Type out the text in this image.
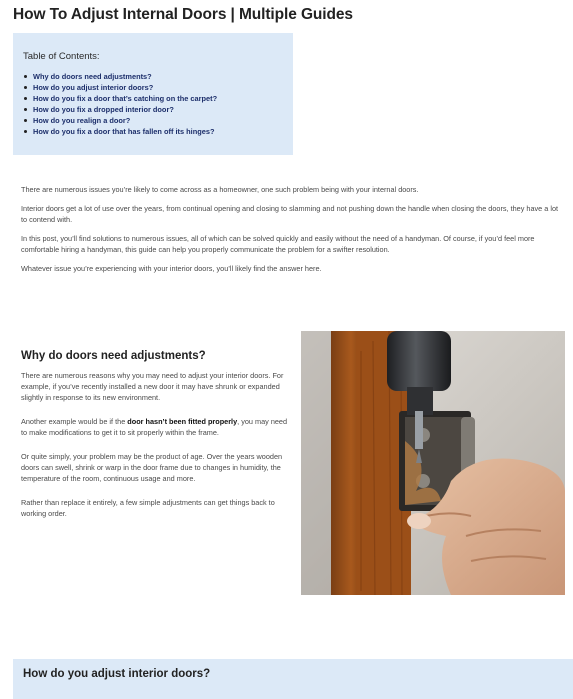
How To Adjust Internal Doors | Multiple Guides

Table of Contents:

Why do doors need adjustments?
How do you adjust interior doors?
How do you fix a door that’s catching on the carpet?
How do you fix a dropped interior door?
How do you realign a door?
How do you fix a door that has fallen off its hinges?

There are numerous issues you’re likely to come across as a homeowner, one such problem being with your internal doors.

Interior doors get a lot of use over the years, from continual opening and closing to slamming and not pushing down the handle when closing the doors, they have a lot to contend with.

In this post, you’ll find solutions to numerous issues, all of which can be solved quickly and easily without the need of a handyman. Of course, if you’d feel more comfortable hiring a handyman, this guide can help you properly communicate the problem for a swifter resolution.

Whatever issue you’re experiencing with your interior doors, you’ll likely find the answer here.

Why do doors need adjustments?

There are numerous reasons why you may need to adjust your interior doors. For example, if you’ve recently installed a new door it may have shrunk or expanded slightly in response to its new environment.

Another example would be if the door hasn’t been fitted properly, you may need to make modifications to get it to sit properly within the frame.

Or quite simply, your problem may be the product of age. Over the years wooden doors can swell, shrink or warp in the door frame due to changes in humidity, the temperature of the room, continuous usage and more.

Rather than replace it entirely, a few simple adjustments can get things back to working order.

How do you adjust interior doors?
